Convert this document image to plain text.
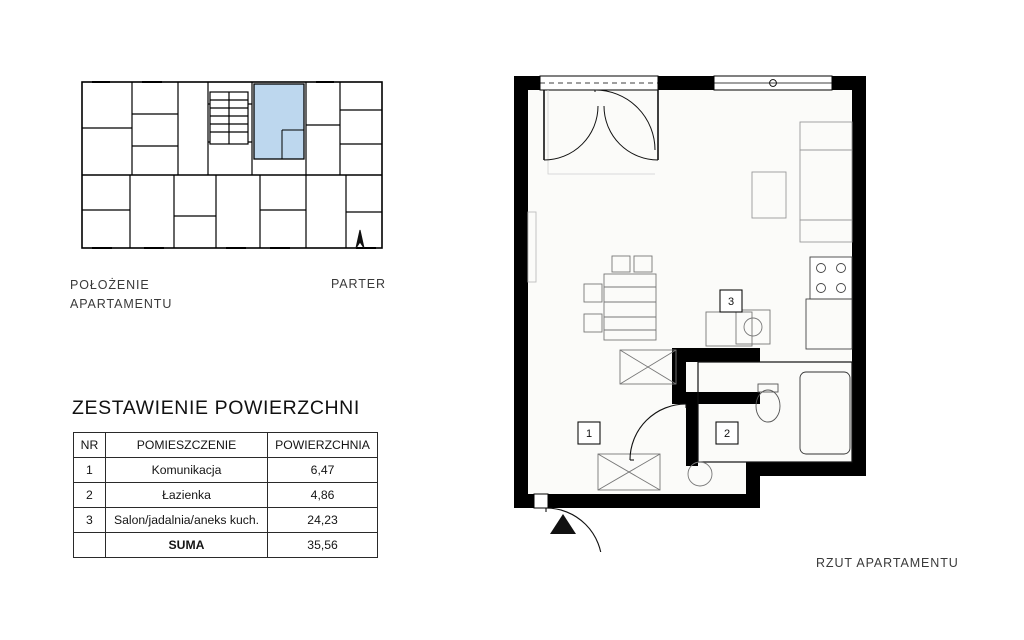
POŁOŻENIE
APARTAMENTU
PARTER
ZESTAWIENIE POWIERZCHNI
NR	POMIESZCZENIE	POWIERZCHNIA
1	Komunikacja	6,47
2	Łazienka	4,86
3	Salon/jadalnia/aneks kuch.	24,23
	SUMA	35,56
3
1	2
RZUT APARTAMENTU
